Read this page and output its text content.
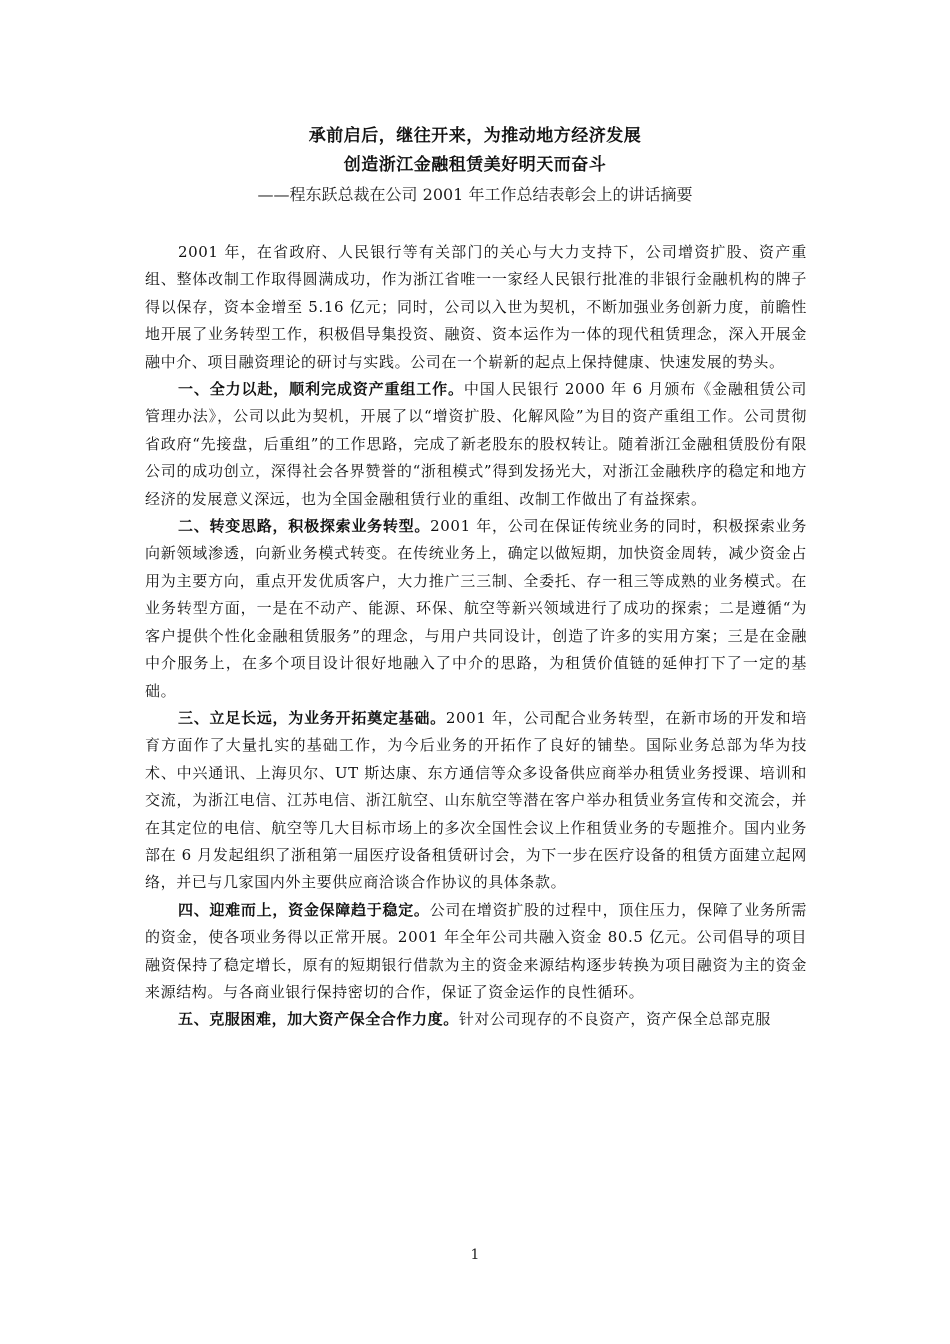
承前启后，继往开来，为推动地方经济发展

创造浙江金融租赁美好明天而奋斗

——程东跃总裁在公司 2001 年工作总结表彰会上的讲话摘要

2001 年，在省政府、人民银行等有关部门的关心与大力支持下，公司增资扩股、资产重组、整体改制工作取得圆满成功，作为浙江省唯一一家经人民银行批准的非银行金融机构的牌子得以保存，资本金增至 5.16 亿元；同时，公司以入世为契机，不断加强业务创新力度，前瞻性地开展了业务转型工作，积极倡导集投资、融资、资本运作为一体的现代租赁理念，深入开展金融中介、项目融资理论的研讨与实践。公司在一个崭新的起点上保持健康、快速发展的势头。

一、全力以赴，顺利完成资产重组工作。中国人民银行 2000 年 6 月颁布《金融租赁公司管理办法》，公司以此为契机，开展了以“增资扩股、化解风险”为目的资产重组工作。公司贯彻省政府“先接盘，后重组”的工作思路，完成了新老股东的股权转让。随着浙江金融租赁股份有限公司的成功创立，深得社会各界赞誉的“浙租模式”得到发扬光大，对浙江金融秩序的稳定和地方经济的发展意义深远，也为全国金融租赁行业的重组、改制工作做出了有益探索。

二、转变思路，积极探索业务转型。2001 年，公司在保证传统业务的同时，积极探索业务向新领域渗透，向新业务模式转变。在传统业务上，确定以做短期，加快资金周转，减少资金占用为主要方向，重点开发优质客户，大力推广三三制、全委托、存一租三等成熟的业务模式。在业务转型方面，一是在不动产、能源、环保、航空等新兴领域进行了成功的探索；二是遵循“为客户提供个性化金融租赁服务”的理念，与用户共同设计，创造了许多的实用方案；三是在金融中介服务上，在多个项目设计很好地融入了中介的思路，为租赁价值链的延伸打下了一定的基础。

三、立足长远，为业务开拓奠定基础。2001 年，公司配合业务转型，在新市场的开发和培育方面作了大量扎实的基础工作，为今后业务的开拓作了良好的铺垫。国际业务总部为华为技术、中兴通讯、上海贝尔、UT 斯达康、东方通信等众多设备供应商举办租赁业务授课、培训和交流，为浙江电信、江苏电信、浙江航空、山东航空等潜在客户举办租赁业务宣传和交流会，并在其定位的电信、航空等几大目标市场上的多次全国性会议上作租赁业务的专题推介。国内业务部在 6 月发起组织了浙租第一届医疗设备租赁研讨会，为下一步在医疗设备的租赁方面建立起网络，并已与几家国内外主要供应商洽谈合作协议的具体条款。

四、迎难而上，资金保障趋于稳定。公司在增资扩股的过程中，顶住压力，保障了业务所需的资金，使各项业务得以正常开展。2001 年全年公司共融入资金 80.5 亿元。公司倡导的项目融资保持了稳定增长，原有的短期银行借款为主的资金来源结构逐步转换为项目融资为主的资金来源结构。与各商业银行保持密切的合作，保证了资金运作的良性循环。

五、克服困难，加大资产保全合作力度。针对公司现存的不良资产，资产保全总部克服

1
